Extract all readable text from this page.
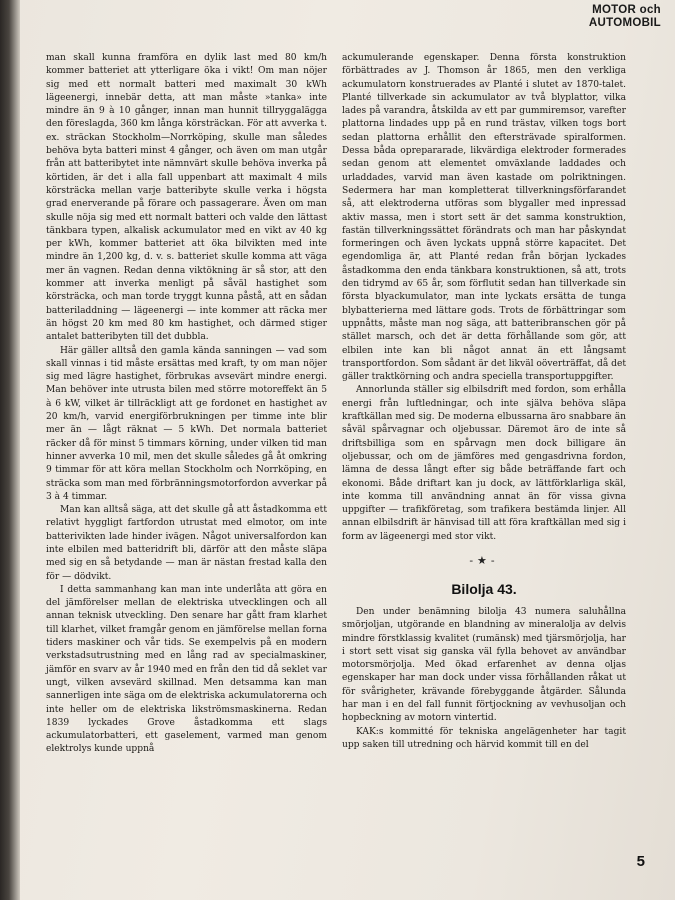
MOTOR och
AUTOMOBIL

man skall kunna framföra en dylik last med 80 km/h kommer batteriet att ytterligare öka i vikt! Om man nöjer sig med ett normalt batteri med maximalt 30 kWh lägeenergi, innebär detta, att man måste »tanka» inte mindre än 9 à 10 gånger, innan man hunnit tillryggalägga den föreslagda, 360 km långa körsträckan. För att avverka t. ex. sträckan Stockholm—Norrköping, skulle man således behöva byta batteri minst 4 gånger, och även om man utgår från att batteribytet inte nämnvärt skulle behöva inverka på körtiden, är det i alla fall uppenbart att maximalt 4 mils körsträcka mellan varje batteribyte skulle verka i högsta grad enerverande på förare och passagerare. Även om man skulle nöja sig med ett normalt batteri och valde den lättast tänkbara typen, alkalisk ackumulator med en vikt av 40 kg per kWh, kommer batteriet att öka bilvikten med inte mindre än 1,200 kg, d. v. s. batteriet skulle komma att väga mer än vagnen. Redan denna viktökning är så stor, att den kommer att inverka menligt på såväl hastighet som körsträcka, och man torde tryggt kunna påstå, att en sådan batteriladdning — lägeenergi — inte kommer att räcka mer än högst 20 km med 80 km hastighet, och därmed stiger antalet batteribyten till det dubbla.

Här gäller alltså den gamla kända sanningen — vad som skall vinnas i tid måste ersättas med kraft, ty om man nöjer sig med lägre hastighet, förbrukas avsevärt mindre energi. Man behöver inte utrusta bilen med större motoreffekt än 5 à 6 kW, vilket är tillräckligt att ge fordonet en hastighet av 20 km/h, varvid energiförbrukningen per timme inte blir mer än — lågt räknat — 5 kWh. Det normala batteriet räcker då för minst 5 timmars körning, under vilken tid man hinner avverka 10 mil, men det skulle således gå åt omkring 9 timmar för att köra mellan Stockholm och Norrköping, en sträcka som man med förbränningsmotorfordon avverkar på 3 à 4 timmar.

Man kan alltså säga, att det skulle gå att åstadkomma ett relativt hyggligt fartfordon utrustat med elmotor, om inte batterivikten lade hinder ivägen. Något universalfordon kan inte elbilen med batteridrift bli, därför att den måste släpa med sig en så betydande — man är nästan frestad kalla den för — dödvikt.

I detta sammanhang kan man inte underlåta att göra en del jämförelser mellan de elektriska utvecklingen och all annan teknisk utveckling. Den senare har gått fram klarhet till klarhet, vilket framgår genom en jämförelse mellan forna tiders maskiner och vår tids. Se exempelvis på en modern verkstadsutrustning med en lång rad av specialmaskiner, jämför en svarv av år 1940 med en från den tid då seklet var ungt, vilken avsevärd skillnad. Men detsamma kan man sannerligen inte säga om de elektriska ackumulatorerna och inte heller om de elektriska likströmsmaskinerna. Redan 1839 lyckades Grove åstadkomma ett slags ackumulatorbatteri, ett gaselement, varmed man genom elektrolys kunde uppnå

ackumulerande egenskaper. Denna första konstruktion förbättrades av J. Thomson år 1865, men den verkliga ackumulatorn konstruerades av Planté i slutet av 1870-talet. Planté tillverkade sin ackumulator av två blyplattor, vilka lades på varandra, åtskilda av ett par gummiremsor, varefter plattorna lindades upp på en rund trästav, vilken togs bort sedan plattorna erhållit den eftersträvade spiralformen. Dessa båda oprepararade, likvärdiga elektroder formerades sedan genom att elementet omväxlande laddades och urladdades, varvid man även kastade om polriktningen. Sedermera har man kompletterat tillverkningsförfarandet så, att elektroderna utföras som blygaller med inpressad aktiv massa, men i stort sett är det samma konstruktion, fastän tillverkningssättet förändrats och man har påskyndat formeringen och även lyckats uppnå större kapacitet. Det egendomliga är, att Planté redan från början lyckades åstadkomma den enda tänkbara konstruktionen, så att, trots den tidrymd av 65 år, som förflutit sedan han tillverkade sin första blyackumulator, man inte lyckats ersätta de tunga blybatterierna med lättare gods. Trots de förbättringar som uppnåtts, måste man nog säga, att batteribranschen gör på stället marsch, och det är detta förhållande som gör, att elbilen inte kan bli något annat än ett långsamt transportfordon. Som sådant är det likväl oöverträffat, då det gäller traktkörning och andra speciella transportuppgifter.

Annorlunda ställer sig elbilsdrift med fordon, som erhålla energi från luftledningar, och inte själva behöva släpa kraftkällan med sig. De moderna elbussarna äro snabbare än såväl spårvagnar och oljebussar. Däremot äro de inte så driftsbilliga som en spårvagn men dock billigare än oljebussar, och om de jämföres med gengasdrivna fordon, lämna de dessa långt efter sig både beträffande fart och ekonomi. Både driftart kan ju dock, av lättförklarliga skäl, inte komma till användning annat än för vissa givna uppgifter — trafikföretag, som trafikera bestämda linjer. All annan elbilsdrift är hänvisad till att föra kraftkällan med sig i form av lägeenergi med stor vikt.

-★-
Bilolja 43.

Den under benämning bilolja 43 numera saluhållna smörjoljan, utgörande en blandning av mineralolja av delvis mindre förstklassig kvalitet (rumänsk) med tjärsmörjolja, har i stort sett visat sig ganska väl fylla behovet av användbar motorsmörjolja. Med ökad erfarenhet av denna oljas egenskaper har man dock under vissa förhållanden råkat ut för svårigheter, krävande förebyggande åtgärder. Sålunda har man i en del fall funnit förtjockning av vevhusoljan och hopbeckning av motorn vintertid.

KAK:s kommitté för tekniska angelägenheter har tagit upp saken till utredning och härvid kommit till en del

5
